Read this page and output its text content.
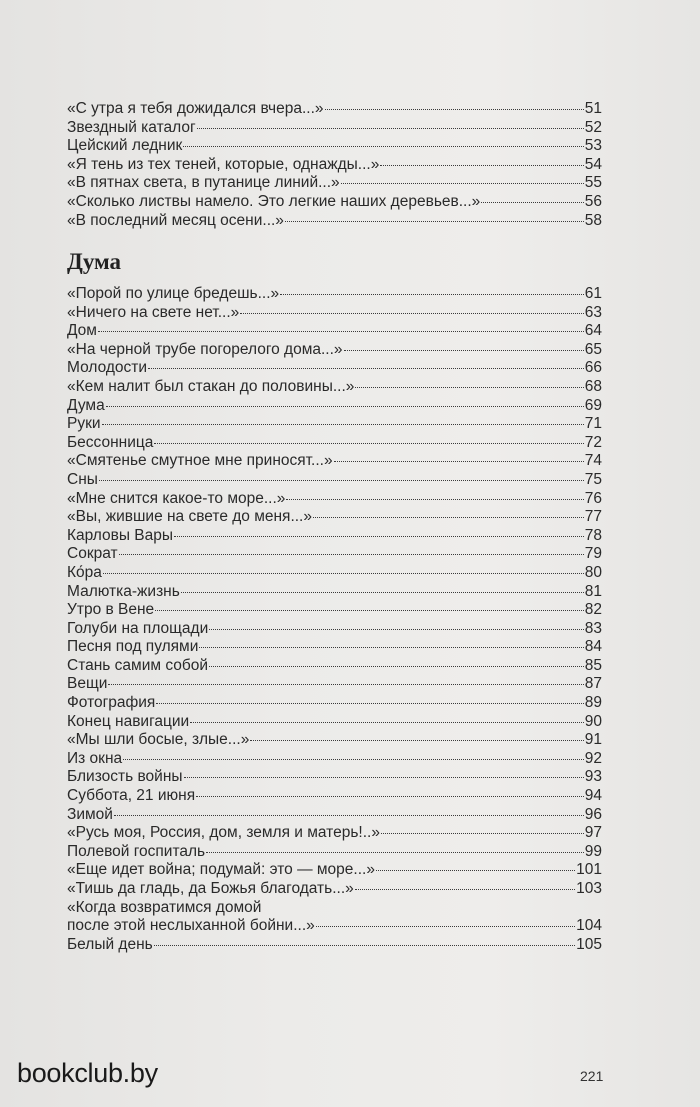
«С утра я тебя дожидался вчера...»	51
Звездный каталог	52
Цейский ледник	53
«Я тень из тех теней, которые, однажды...»	54
«В пятнах света, в путанице линий...»	55
«Сколько листвы намело. Это легкие наших деревьев...»	56
«В последний месяц осени...»	58
Дума
«Порой по улице бредешь...»	61
«Ничего на свете нет...»	63
Дом	64
«На черной трубе погорелого дома...»	65
Молодости	66
«Кем налит был стакан до половины...»	68
Дума	69
Руки	71
Бессонница	72
«Смятенье смутное мне приносят...»	74
Сны	75
«Мне снится какое-то море...»	76
«Вы, жившие на свете до меня...»	77
Карловы Вары	78
Сократ	79
Ко́ра	80
Малютка-жизнь	81
Утро в Вене	82
Голуби на площади	83
Песня под пулями	84
Стань самим собой	85
Вещи	87
Фотография	89
Конец навигации	90
«Мы шли босые, злые...»	91
Из окна	92
Близость войны	93
Суббота, 21 июня	94
Зимой	96
«Русь моя, Россия, дом, земля и матерь!..»	97
Полевой госпиталь	99
«Еще идет война; подумай: это — море...»	101
«Тишь да гладь, да Божья благодать...»	103
«Когда возвратимся домой
после этой неслыханной бойни...»	104
Белый день	105
221
bookclub.by
